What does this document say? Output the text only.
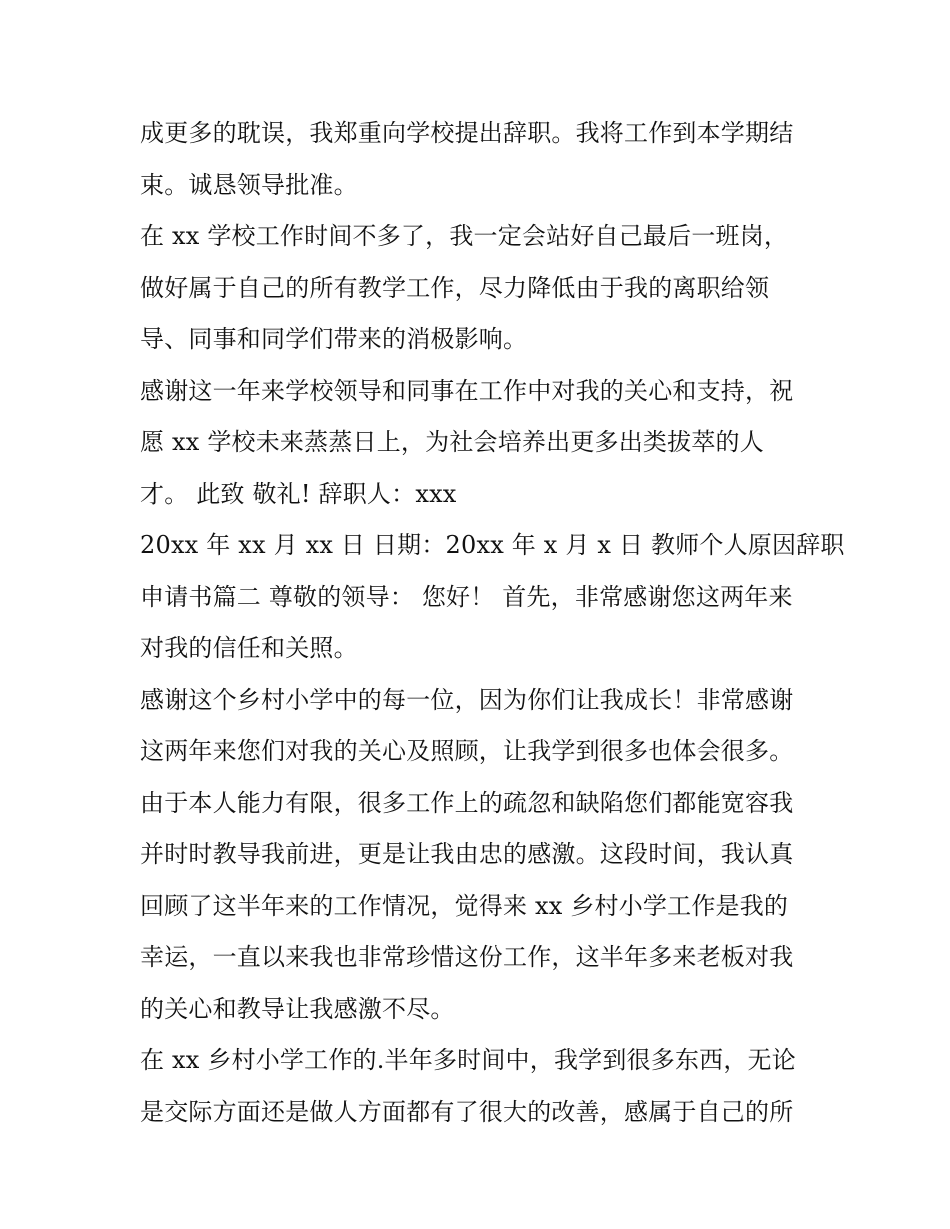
成更多的耽误，我郑重向学校提出辞职。我将工作到本学期结
束。诚恳领导批准。
在 xx 学校工作时间不多了，我一定会站好自己最后一班岗，
做好属于自己的所有教学工作，尽力降低由于我的离职给领
导、同事和同学们带来的消极影响。
感谢这一年来学校领导和同事在工作中对我的关心和支持，祝
愿 xx 学校未来蒸蒸日上，为社会培养出更多出类拔萃的人
才。 此致 敬礼! 辞职人：xxx
20xx 年 xx 月 xx 日 日期：20xx 年 x 月 x 日 教师个人原因辞职
申请书篇二 尊敬的领导： 您好！ 首先，非常感谢您这两年来
对我的信任和关照。
感谢这个乡村小学中的每一位，因为你们让我成长！非常感谢
这两年来您们对我的关心及照顾，让我学到很多也体会很多。
由于本人能力有限，很多工作上的疏忽和缺陷您们都能宽容我
并时时教导我前进，更是让我由忠的感激。这段时间，我认真
回顾了这半年来的工作情况，觉得来 xx 乡村小学工作是我的
幸运，一直以来我也非常珍惜这份工作，这半年多来老板对我
的关心和教导让我感激不尽。
在 xx 乡村小学工作的.半年多时间中，我学到很多东西，无论
是交际方面还是做人方面都有了很大的改善，感属于自己的所
